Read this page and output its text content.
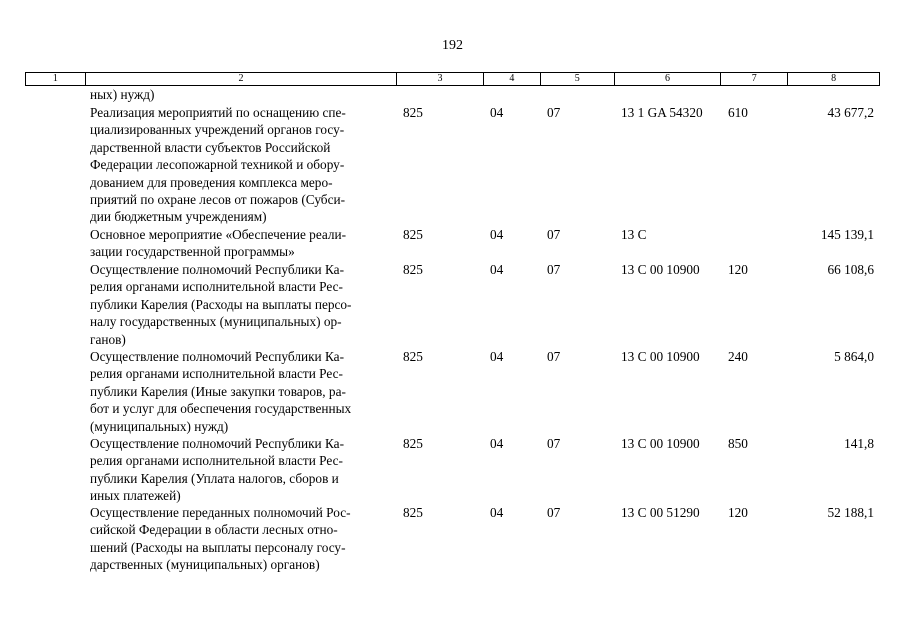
192
1	2	3	4	5	6	7	8
ных) нужд)
Реализация мероприятий по оснащению спе-
циализированных учреждений органов госу-
дарственной власти субъектов Российской
Федерации лесопожарной техникой и обору-
дованием для проведения комплекса меро-
приятий по охране лесов от пожаров (Субси-
дии бюджетным учреждениям)
825	04	07	13 1 GA 54320 610	43 677,2
Основное мероприятие «Обеспечение реали-
зации государственной программы»
825	04	07	13 С	145 139,1
Осуществление полномочий Республики Ка-
релия органами исполнительной власти Рес-
публики Карелия (Расходы на выплаты персо-
налу государственных (муниципальных) ор-
ганов)
825	04	07	13 С 00 10900 120	66 108,6
Осуществление полномочий Республики Ка-
релия органами исполнительной власти Рес-
публики Карелия (Иные закупки товаров, ра-
бот и услуг для обеспечения государственных
(муниципальных) нужд)
825	04	07	13 С 00 10900 240	5 864,0
Осуществление полномочий Республики Ка-
релия органами исполнительной власти Рес-
публики Карелия (Уплата налогов, сборов и
иных платежей)
825	04	07	13 С 00 10900 850	141,8
Осуществление переданных полномочий Рос-
сийской Федерации в области лесных отно-
шений (Расходы на выплаты персоналу госу-
дарственных (муниципальных) органов)
825	04	07	13 С 00 51290 120	52 188,1
